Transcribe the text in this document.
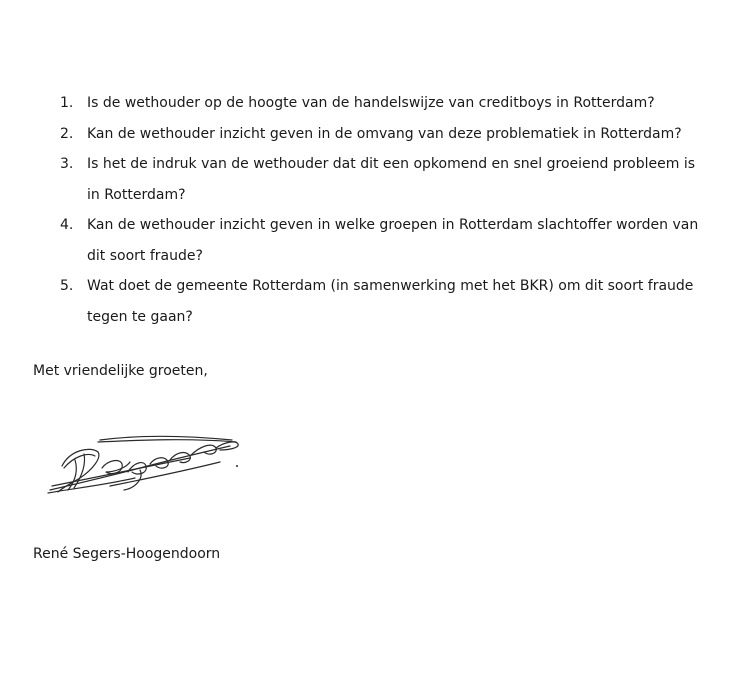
1. Is de wethouder op de hoogte van de handelswijze van creditboys in Rotterdam?
2. Kan de wethouder inzicht geven in de omvang van deze problematiek in Rotterdam?
3. Is het de indruk van de wethouder dat dit een opkomend en snel groeiend probleem is in Rotterdam?
4. Kan de wethouder inzicht geven in welke groepen in Rotterdam slachtoffer worden van dit soort fraude?
5. Wat doet de gemeente Rotterdam (in samenwerking met het BKR) om dit soort fraude tegen te gaan?
Met vriendelijke groeten,
René Segers-Hoogendoorn
